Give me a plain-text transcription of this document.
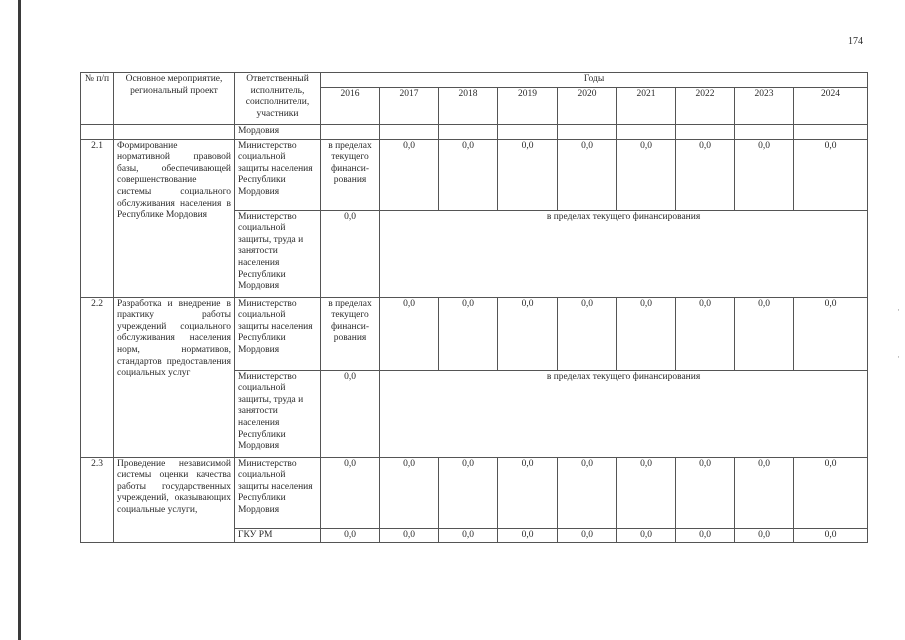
174
·
·
№ п/п	Основное мероприятие, региональный проект	Ответственный исполнитель, соисполнители, участники	Годы								
			2016	2017	2018	2019	2020	2021	2022	2023	2024
		Мордовия									
2.1	Формирование нормативной правовой базы, обеспечивающей совершенствование системы социального обслуживания населения в Республике Мордовия	Министерство социальной защиты населения Республики Мордовия	в пределах текущего финанси-рования	0,0	0,0	0,0	0,0	0,0	0,0	0,0	0,0
		Министерство социальной защиты, труда и занятости населения Республики Мордовия	0,0	в пределах текущего финансирования							
2.2	Разработка и внедрение в практику работы учреждений социального обслуживания населения норм, нормативов, стандартов предоставления социальных услуг	Министерство социальной защиты населения Республики Мордовия	в пределах текущего финанси-рования	0,0	0,0	0,0	0,0	0,0	0,0	0,0	0,0
		Министерство социальной защиты, труда и занятости населения Республики Мордовия	0,0	в пределах текущего финансирования							
2.3	Проведение независимой системы оценки качества работы государственных учреждений, оказывающих социальные услуги,	Министерство социальной защиты населения Республики Мордовия	0,0	0,0	0,0	0,0	0,0	0,0	0,0	0,0	0,0
		ГКУ РМ	0,0	0,0	0,0	0,0	0,0	0,0	0,0	0,0	0,0
